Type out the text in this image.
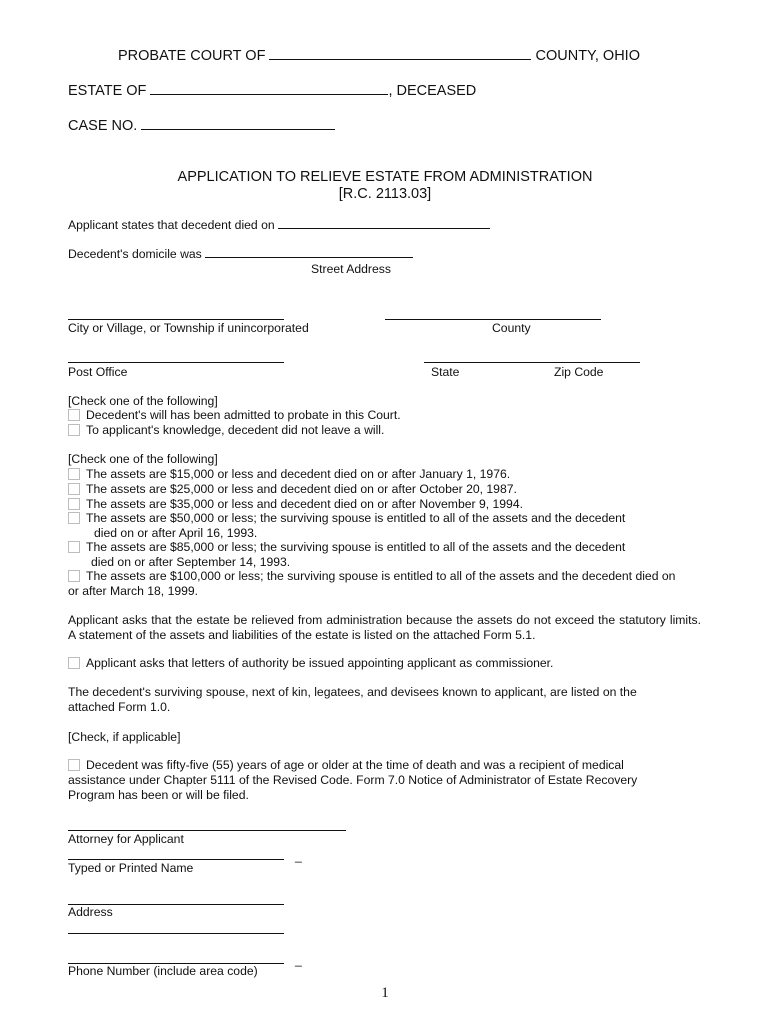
PROBATE COURT OF	COUNTY, OHIO
ESTATE OF	, DECEASED
CASE NO.
APPLICATION TO RELIEVE ESTATE FROM ADMINISTRATION
[R.C. 2113.03]
Applicant states that decedent died on
Decedent's domicile was
Street Address
City or Village, or Township if unincorporated	County
Post Office	State	Zip Code
[Check one of the following]
Decedent's will has been admitted to probate in this Court.
To applicant's knowledge, decedent did not leave a will.
[Check one of the following]
The assets are $15,000 or less and decedent died on or after January 1, 1976.
The assets are $25,000 or less and decedent died on or after October 20, 1987.
The assets are $35,000 or less and decedent died on or after November 9, 1994.
The assets are $50,000 or less; the surviving spouse is entitled to all of the assets and the decedent
died on or after April 16, 1993.
The assets are $85,000 or less; the surviving spouse is entitled to all of the assets and the decedent
died on or after September 14, 1993.
The assets are $100,000 or less; the surviving spouse is entitled to all of the assets and the decedent died on
or after March 18, 1999.
Applicant asks that the estate be relieved from administration because the assets do not exceed the statutory limits. A statement of the assets and liabilities of the estate is listed on the attached Form 5.1.
Applicant asks that letters of authority be issued appointing applicant as commissioner.
The decedent's surviving spouse, next of kin, legatees, and devisees known to applicant, are listed on the attached Form 1.0.
[Check, if applicable]
Decedent was fifty-five (55) years of age or older at the time of death and was a recipient of medical assistance under Chapter 5111 of the Revised Code. Form 7.0 Notice of Administrator of Estate Recovery Program has been or will be filed.
Attorney for Applicant
_
Typed or Printed Name
Address
_
Phone Number (include area code)
1
